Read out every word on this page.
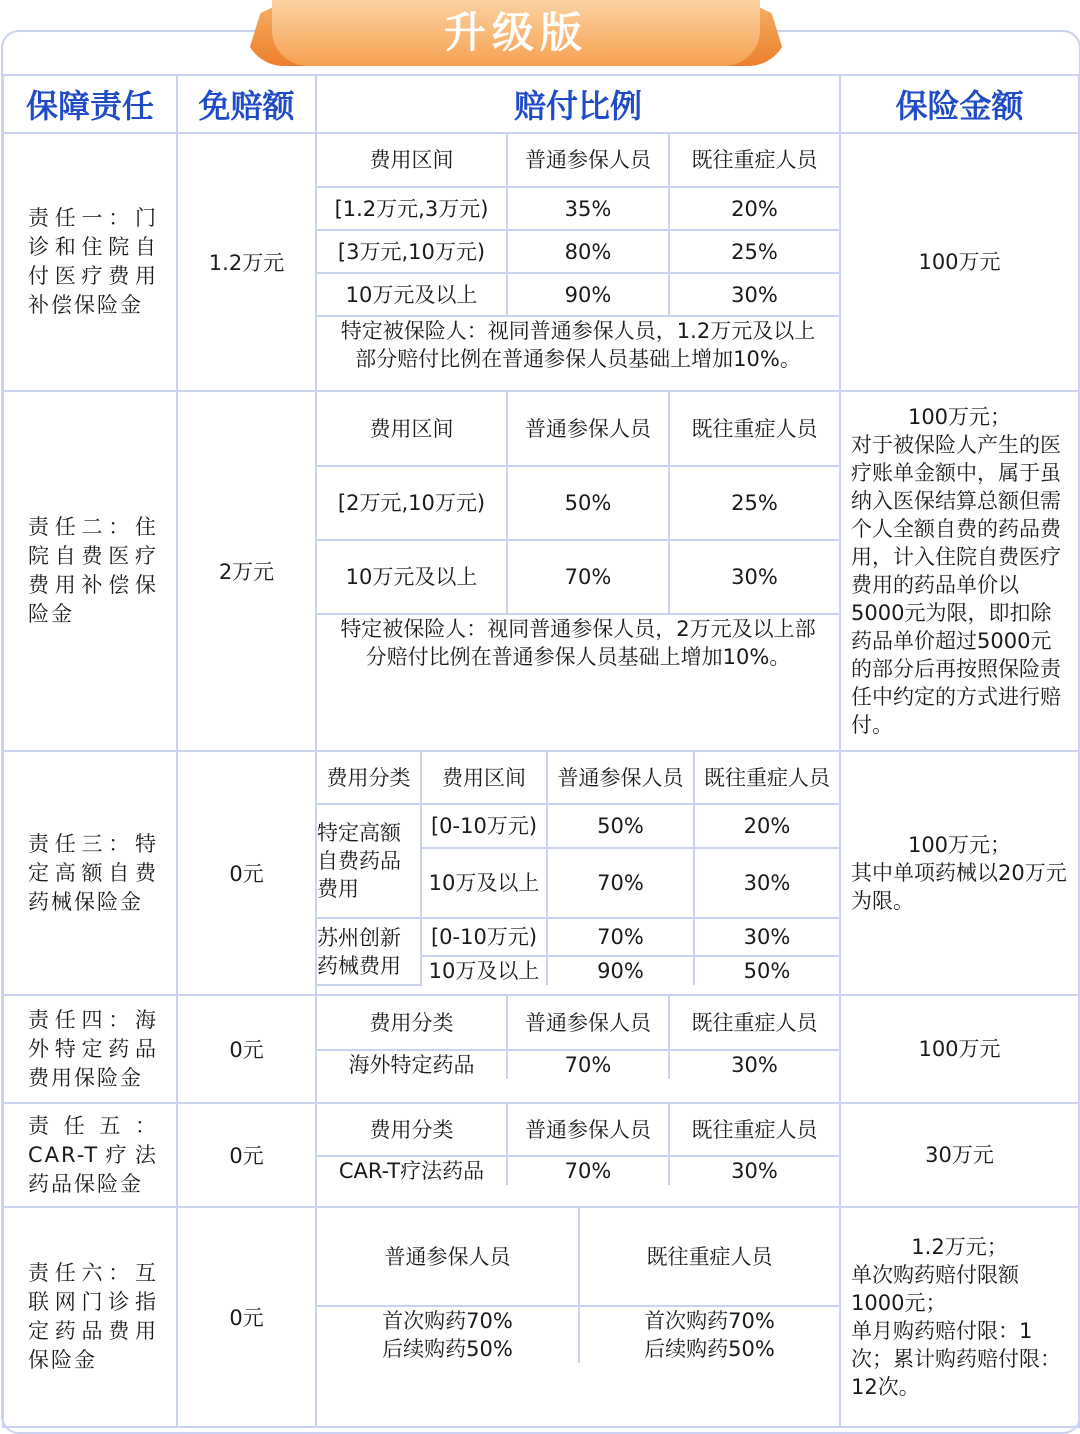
升级版
保障责任	免赔额	赔付比例	保险金额
责任一：门诊和住院自付医疗费用补偿保险金	1.2万元	
费用区间	普通参保人员	既往重症人员
[1.2万元,3万元)	35%	20%
[3万元,10万元)	80%	25%
10万元及以上	90%	30%

特定被保险人：视同普通参保人员，1.2万元及以上
部分赔付比例在普通参保人员基础上增加10%。
	100万元
责任二：住院自费医疗费用补偿保险金	2万元	
费用区间	普通参保人员	既往重症人员
[2万元,10万元)	50%	25%
10万元及以上	70%	30%

特定被保险人：视同普通参保人员，2万元及以上部
分赔付比例在普通参保人员基础上增加10%。

100万元；
对于被保险人产生的医疗账单金额中，属于虽纳入医保结算总额但需个人全额自费的药品费用，计入住院自费医疗费用的药品单价以5000元为限，即扣除药品单价超过5000元的部分后再按照保险责任中约定的方式进行赔付。

责任三：特定高额自费药械保险金	0元	
费用分类	费用区间	普通参保人员	既往重症人员
特定高额自费药品费用	[0-10万元)	50%	20%
10万及以上	70%	30%
苏州创新药械费用	[0-10万元)	70%	30%
10万及以上	90%	50%

100万元；
其中单项药械以20万元为限。

责任四：海外特定药品费用保险金	0元	
费用分类	普通参保人员	既往重症人员
海外特定药品	70%	30%
	100万元
责任五：CAR-T疗法药品保险金	0元	
费用分类	普通参保人员	既往重症人员
CAR-T疗法药品	70%	30%
	30万元
责任六：互联网门诊指定药品费用保险金	0元	
普通参保人员	既往重症人员

首次购药70%
后续购药50%

首次购药70%
后续购药50%

1.2万元；
单次购药赔付限额1000元；
单月购药赔付限：1次；累计购药赔付限：12次。
